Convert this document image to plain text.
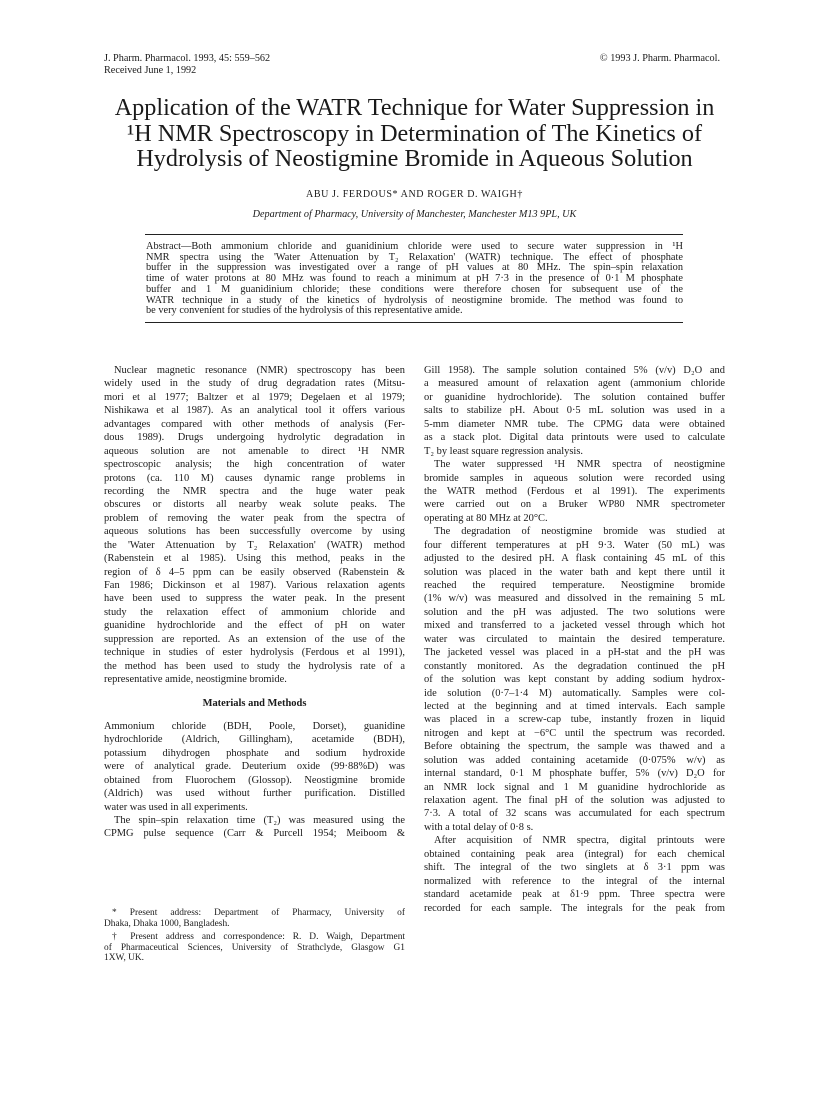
J. Pharm. Pharmacol. 1993, 45: 559–562
Received June 1, 1992
© 1993 J. Pharm. Pharmacol.
Application of the WATR Technique for Water Suppression in
¹H NMR Spectroscopy in Determination of The Kinetics of
Hydrolysis of Neostigmine Bromide in Aqueous Solution
ABU J. FERDOUS* AND ROGER D. WAIGH†
Department of Pharmacy, University of Manchester, Manchester M13 9PL, UK
Abstract—Both ammonium chloride and guanidinium chloride were used to secure water suppression in ¹H
NMR spectra using the 'Water Attenuation by T₂ Relaxation' (WATR) technique. The effect of phosphate
buffer in the suppression was investigated over a range of pH values at 80 MHz. The spin–spin relaxation
time of water protons at 80 MHz was found to reach a minimum at pH 7·3 in the presence of 0·1 M phosphate
buffer and 1 M guanidinium chloride; these conditions were therefore chosen for subsequent use of the
WATR technique in a study of the kinetics of hydrolysis of neostigmine bromide. The method was found to
be very convenient for studies of the hydrolysis of this representative amide.
Nuclear magnetic resonance (NMR) spectroscopy has been
widely used in the study of drug degradation rates (Mitsu-
mori et al 1977; Baltzer et al 1979; Degelaen et al 1979;
Nishikawa et al 1987). As an analytical tool it offers various
advantages compared with other methods of analysis (Fer-
dous 1989). Drugs undergoing hydrolytic degradation in
aqueous solution are not amenable to direct ¹H NMR
spectroscopic analysis; the high concentration of water
protons (ca. 110 M) causes dynamic range problems in
recording the NMR spectra and the huge water peak
obscures or distorts all nearby weak solute peaks. The
problem of removing the water peak from the spectra of
aqueous solutions has been successfully overcome by using
the 'Water Attenuation by T₂ Relaxation' (WATR) method
(Rabenstein et al 1985). Using this method, peaks in the
region of δ 4–5 ppm can be easily observed (Rabenstein &
Fan 1986; Dickinson et al 1987). Various relaxation agents
have been used to suppress the water peak. In the present
study the relaxation effect of ammonium chloride and
guanidine hydrochloride and the effect of pH on water
suppression are reported. As an extension of the use of the
technique in studies of ester hydrolysis (Ferdous et al 1991),
the method has been used to study the hydrolysis rate of a
representative amide, neostigmine bromide.
Materials and Methods
Ammonium chloride (BDH, Poole, Dorset), guanidine
hydrochloride (Aldrich, Gillingham), acetamide (BDH),
potassium dihydrogen phosphate and sodium hydroxide
were of analytical grade. Deuterium oxide (99·88%D) was
obtained from Fluorochem (Glossop). Neostigmine bromide
(Aldrich) was used without further purification. Distilled
water was used in all experiments.
The spin–spin relaxation time (T₂) was measured using the
CPMG pulse sequence (Carr & Purcell 1954; Meiboom &
* Present address: Department of Pharmacy, University of
Dhaka, Dhaka 1000, Bangladesh.
† Present address and correspondence: R. D. Waigh, Department
of Pharmaceutical Sciences, University of Strathclyde, Glasgow G1
1XW, UK.
Gill 1958). The sample solution contained 5% (v/v) D₂O and
a measured amount of relaxation agent (ammonium chloride
or guanidine hydrochloride). The solution contained buffer
salts to stabilize pH. About 0·5 mL solution was used in a
5-mm diameter NMR tube. The CPMG data were obtained
as a stack plot. Digital data printouts were used to calculate
T₂ by least square regression analysis.
The water suppressed ¹H NMR spectra of neostigmine
bromide samples in aqueous solution were recorded using
the WATR method (Ferdous et al 1991). The experiments
were carried out on a Bruker WP80 NMR spectrometer
operating at 80 MHz at 20°C.
The degradation of neostigmine bromide was studied at
four different temperatures at pH 9·3. Water (50 mL) was
adjusted to the desired pH. A flask containing 45 mL of this
solution was placed in the water bath and kept there until it
reached the required temperature. Neostigmine bromide
(1% w/v) was measured and dissolved in the remaining 5 mL
solution and the pH was adjusted. The two solutions were
mixed and transferred to a jacketed vessel through which hot
water was circulated to maintain the desired temperature.
The jacketed vessel was placed in a pH-stat and the pH was
constantly monitored. As the degradation continued the pH
of the solution was kept constant by adding sodium hydrox-
ide solution (0·7–1·4 M) automatically. Samples were col-
lected at the beginning and at timed intervals. Each sample
was placed in a screw-cap tube, instantly frozen in liquid
nitrogen and kept at −6°C until the spectrum was recorded.
Before obtaining the spectrum, the sample was thawed and a
solution was added containing acetamide (0·075% w/v) as
internal standard, 0·1 M phosphate buffer, 5% (v/v) D₂O for
an NMR lock signal and 1 M guanidine hydrochloride as
relaxation agent. The final pH of the solution was adjusted to
7·3. A total of 32 scans was accumulated for each spectrum
with a total delay of 0·8 s.
After acquisition of NMR spectra, digital printouts were
obtained containing peak area (integral) for each chemical
shift. The integral of the two singlets at δ 3·1 ppm was
normalized with reference to the integral of the internal
standard acetamide peak at δ1·9 ppm. Three spectra were
recorded for each sample. The integrals for the peak from
